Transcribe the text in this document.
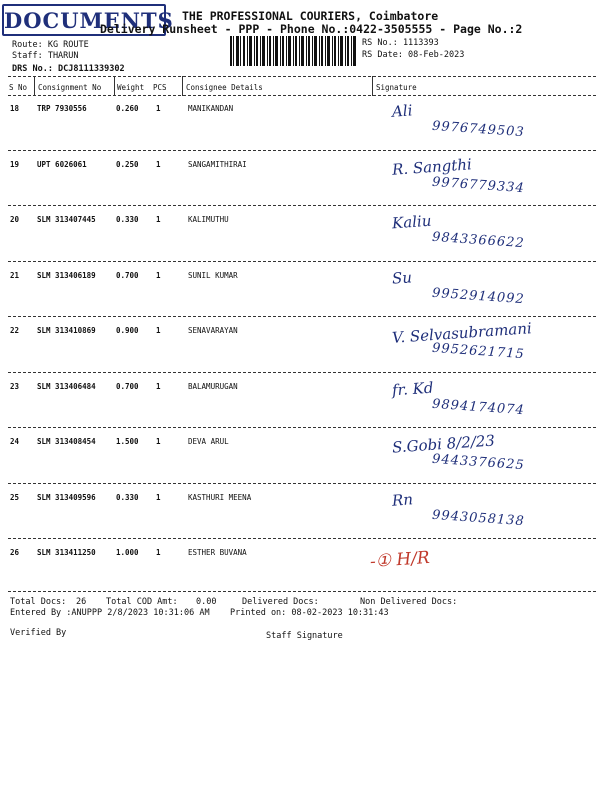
DOCUMENTS THE PROFESSIONAL COURIERS, Coimbatore
Delivery Runsheet - PPP - Phone No.:0422-3505555 - Page No.:2
Route: KG ROUTE
Staff: THARUN
DRS No.: DCJ8111339302
RS No.: 1113393
RS Date: 08-Feb-2023
S No Consignment No Weight PCS	Consignee Details	Signature
18 TRP 7930556	0.260 1	MANIKANDAN	Ali
9976749503
19 UPT 6026061	0.250 1	SANGAMITHIRAI	R. Sangthi
9976779334
20 SLM 313407445	0.330 1	KALIMUTHU	Kaliu
9843366622
21 SLM 313406189	0.700 1	SUNIL KUMAR	Su
9952914092
22 SLM 313410869	0.900 1	SENAVARAYAN	V. Selvasubramani
9952621715
23 SLM 313406484	0.700 1	BALAMURUGAN	fr. Kd
9894174074
24 SLM 313408454	1.500 1	DEVA ARUL	S.Gobi 8/2/23
9443376625
25 SLM 313409596	0.330 1	KASTHURI MEENA	Rn
9943058138
26 SLM 313411250	1.000 1	ESTHER BUVANA	-① H/R
Total Docs: 26 Total COD Amt: 0.00	Delivered Docs:	Non Delivered Docs:
Entered By :ANUPPP 2/8/2023 10:31:06 AM Printed on: 08-02-2023 10:31:43
Verified By	Staff Signature
